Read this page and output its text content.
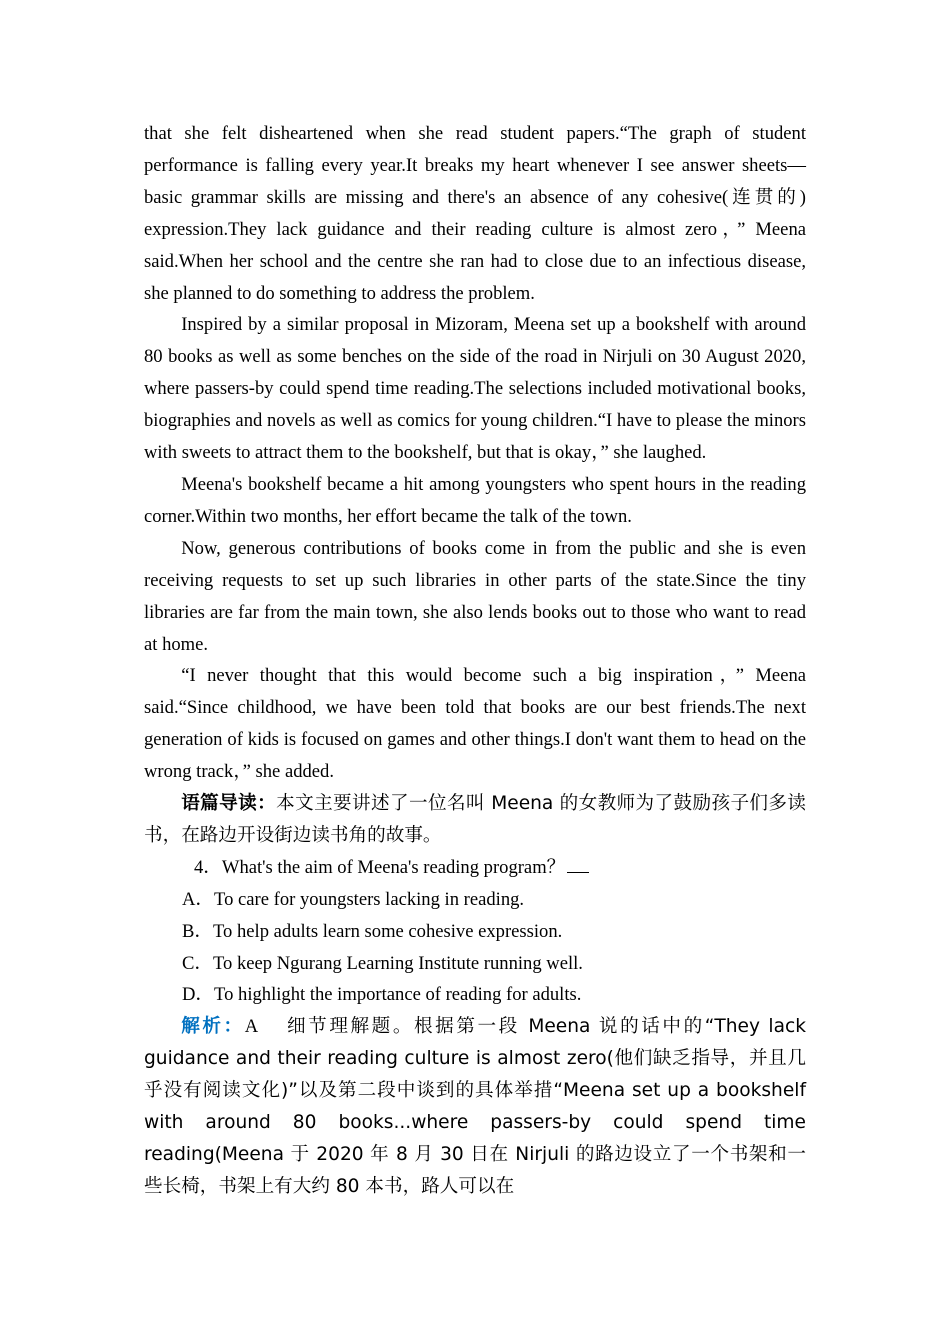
that she felt disheartened when she read student papers.“The graph of student performance is falling every year.It breaks my heart whenever I see answer sheets—basic grammar skills are missing and there's an absence of any cohesive(连贯的) expression.They lack guidance and their reading culture is almost zero，” Meena said.When her school and the centre she ran had to close due to an infectious disease, she planned to do something to address the problem.

Inspired by a similar proposal in Mizoram, Meena set up a bookshelf with around 80 books as well as some benches on the side of the road in Nirjuli on 30 August 2020, where passers-by could spend time reading.The selections included motivational books, biographies and novels as well as comics for young children.“I have to please the minors with sweets to attract them to the bookshelf, but that is okay，” she laughed.

Meena's bookshelf became a hit among youngsters who spent hours in the reading corner.Within two months, her effort became the talk of the town.

Now, generous contributions of books come in from the public and she is even receiving requests to set up such libraries in other parts of the state.Since the tiny libraries are far from the main town, she also lends books out to those who want to read at home.

“I never thought that this would become such a big inspiration，” Meena said.“Since childhood, we have been told that books are our best friends.The next generation of kids is focused on games and other things.I don't want them to head on the wrong track，” she added.

语篇导读：本文主要讲述了一位名叫 Meena 的女教师为了鼓励孩子们多读书，在路边开设街边读书角的故事。

4．What's the aim of Meena's reading program？

A．To care for youngsters lacking in reading.

B．To help adults learn some cohesive expression.

C．To keep Ngurang Learning Institute running well.

D．To highlight the importance of reading for adults.

解析：A 细节理解题。根据第一段 Meena 说的话中的“They lack guidance and their reading culture is almost zero(他们缺乏指导，并且几乎没有阅读文化)”以及第二段中谈到的具体举措“Meena set up a bookshelf with around 80 books...where passers-by could spend time reading(Meena 于 2020 年 8 月 30 日在 Nirjuli 的路边设立了一个书架和一些长椅，书架上有大约 80 本书，路人可以在
